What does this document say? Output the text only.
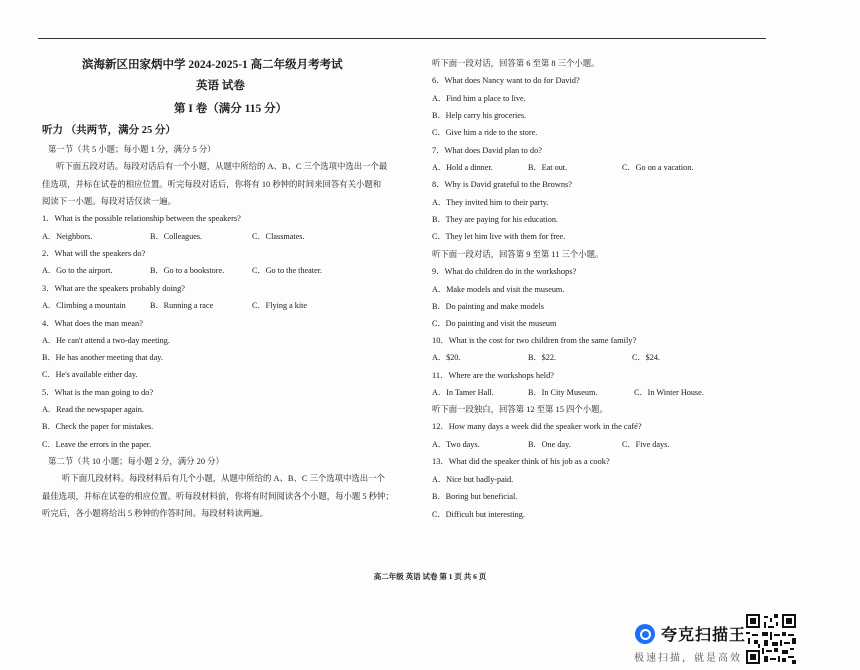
滨海新区田家炳中学 2024-2025-1 高二年级月考考试
英语 试卷
第 I 卷（满分 115 分）
听力 （共两节，满分 25 分）
第一节（共 5 小题；每小题 1 分，满分 5 分）
听下面五段对话。每段对话后有一个小题，从题中所给的 A、B、C 三个选项中选出一个最
佳选项，并标在试卷的相应位置。听完每段对话后，你将有 10 秒钟的时间来回答有关小题和
阅读下一小题。每段对话仅读一遍。
1．What is the possible relationship between the speakers?
A．Neighbors.	B．Colleagues.	C．Classmates.
2．What will the speakers do?
A．Go to the airport.	B．Go to a bookstore.	C．Go to the theater.
3．What are the speakers probably doing?
A．Climbing a mountain	B．Running a race	C．Flying a kite
4．What does the man mean?
A．He can't attend a two-day meeting.
B．He has another meeting that day.
C．He's available either day.
5．What is the man going to do?
A．Read the newspaper again.
B．Check the paper for mistakes.
C．Leave the errors in the paper.
第二节（共 10 小题；每小题 2 分，满分 20 分）
听下面几段材料。每段材料后有几个小题，从题中所给的 A、B、C 三个选项中选出一个
最佳选项，并标在试卷的相应位置。听每段材料前，你将有时间阅读各个小题，每小题 5 秒钟；
听完后，各小题将给出 5 秒钟的作答时间。每段材料读两遍。
听下面一段对话，回答第 6 至第 8 三个小题。
6．What does Nancy want to do for David?
A．Find him a place to live.
B．Help carry his groceries.
C．Give him a ride to the store.
7．What does David plan to do?
A．Hold a dinner.	B．Eat out.	C．Go on a vacation.
8．Why is David grateful to the Browns?
A．They invited him to their party.
B．They are paying for his education.
C．They let him live with them for free.
听下面一段对话，回答第 9 至第 11 三个小题。
9．What do children do in the workshops?
A．Make models and visit the museum.
B．Do painting and make models
C．Do painting and visit the museum
10．What is the cost for two children from the same family?
A．$20.	B．$22.	C．$24.
11．Where are the workshops held?
A．In Tamer Hall.	B．In City Museum.	C．In Winter House.
听下面一段独白，回答第 12 至第 15 四个小题。
12．How many days a week did the speaker work in the café?
A．Two days.	B．One day.	C．Five days.
13．What did the speaker think of his job as a cook?
A．Nice but badly-paid.
B．Boring but beneficial.
C．Difficult but interesting.
高二年级 英语 试卷 第 1 页 共 6 页
夸克扫描王
极速扫描，就是高效
